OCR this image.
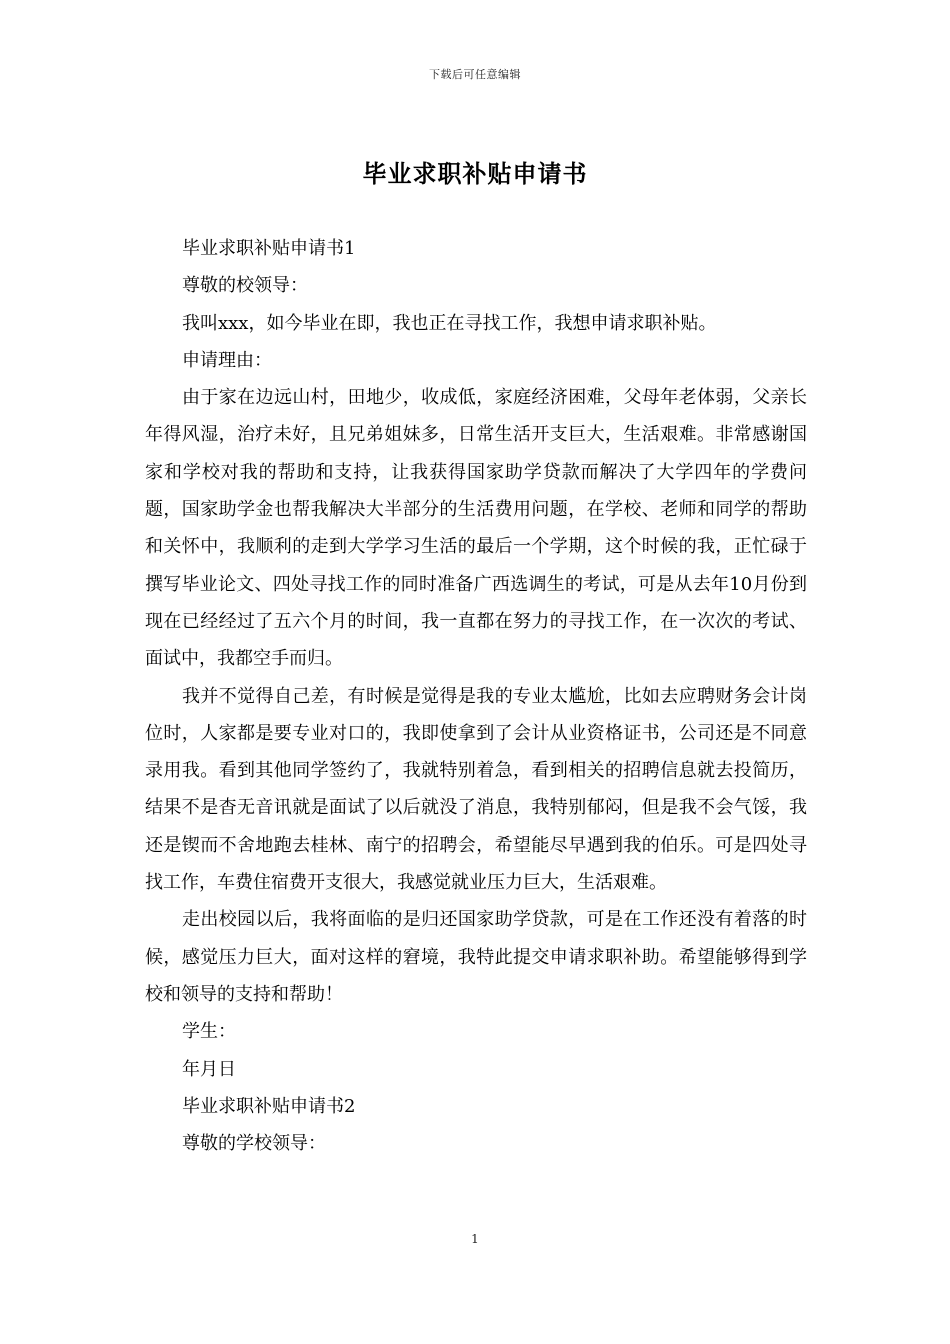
下载后可任意编辑
毕业求职补贴申请书

毕业求职补贴申请书1

尊敬的校领导：

我叫xxx，如今毕业在即，我也正在寻找工作，我想申请求职补贴。

申请理由：

由于家在边远山村，田地少，收成低，家庭经济困难，父母年老体弱，父亲长年得风湿，治疗未好，且兄弟姐妹多，日常生活开支巨大，生活艰难。非常感谢国家和学校对我的帮助和支持，让我获得国家助学贷款而解决了大学四年的学费问题，国家助学金也帮我解决大半部分的生活费用问题，在学校、老师和同学的帮助和关怀中，我顺利的走到大学学习生活的最后一个学期，这个时候的我，正忙碌于撰写毕业论文、四处寻找工作的同时准备广西选调生的考试，可是从去年10月份到现在已经经过了五六个月的时间，我一直都在努力的寻找工作，在一次次的考试、面试中，我都空手而归。

我并不觉得自己差，有时候是觉得是我的专业太尴尬，比如去应聘财务会计岗位时，人家都是要专业对口的，我即使拿到了会计从业资格证书，公司还是不同意录用我。看到其他同学签约了，我就特别着急，看到相关的招聘信息就去投简历，结果不是杳无音讯就是面试了以后就没了消息，我特别郁闷，但是我不会气馁，我还是锲而不舍地跑去桂林、南宁的招聘会，希望能尽早遇到我的伯乐。可是四处寻找工作，车费住宿费开支很大，我感觉就业压力巨大，生活艰难。

走出校园以后，我将面临的是归还国家助学贷款，可是在工作还没有着落的时候，感觉压力巨大，面对这样的窘境，我特此提交申请求职补助。希望能够得到学校和领导的支持和帮助！

学生：

年月日

毕业求职补贴申请书2

尊敬的学校领导：

1
